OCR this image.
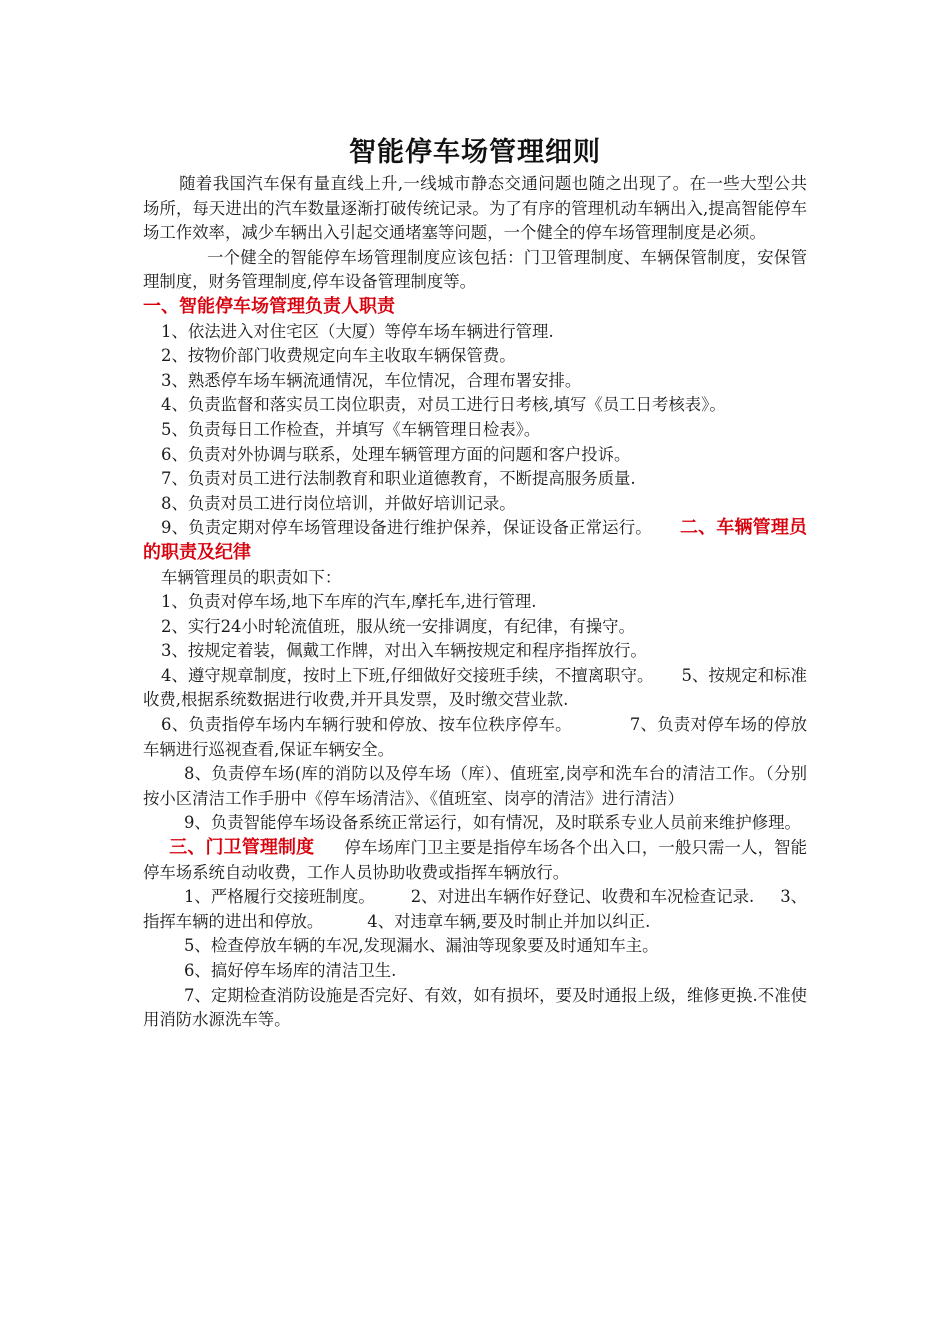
智能停车场管理细则

随着我国汽车保有量直线上升,一线城市静态交通问题也随之出现了。在一些大型公共场所，每天进出的汽车数量逐渐打破传统记录。为了有序的管理机动车辆出入,提高智能停车场工作效率，减少车辆出入引起交通堵塞等问题，一个健全的停车场管理制度是必须。

一个健全的智能停车场管理制度应该包括：门卫管理制度、车辆保管制度，安保管理制度，财务管理制度,停车设备管理制度等。

一、智能停车场管理负责人职责

1、依法进入对住宅区（大厦）等停车场车辆进行管理.

2、按物价部门收费规定向车主收取车辆保管费。

3、熟悉停车场车辆流通情况，车位情况，合理布署安排。

4、负责监督和落实员工岗位职责，对员工进行日考核,填写《员工日考核表》。

5、负责每日工作检查，并填写《车辆管理日检表》。

6、负责对外协调与联系，处理车辆管理方面的问题和客户投诉。

7、负责对员工进行法制教育和职业道德教育，不断提高服务质量.

8、负责对员工进行岗位培训，并做好培训记录。

9、负责定期对停车场管理设备进行维护保养，保证设备正常运行。 二、车辆管理员的职责及纪律

车辆管理员的职责如下：

1、负责对停车场,地下车库的汽车,摩托车,进行管理.

2、实行24小时轮流值班，服从统一安排调度，有纪律，有操守。

3、按规定着装，佩戴工作牌，对出入车辆按规定和程序指挥放行。

4、遵守规章制度，按时上下班,仔细做好交接班手续，不擅离职守。 5、按规定和标准收费,根据系统数据进行收费,并开具发票，及时缴交营业款.

6、负责指停车场内车辆行驶和停放、按车位秩序停车。	7、负责对停车场的停放车辆进行巡视查看,保证车辆安全。

8、负责停车场(库的消防以及停车场（库）、值班室,岗亭和洗车台的清洁工作。（分别按小区清洁工作手册中《停车场清洁》、《值班室、岗亭的清洁》进行清洁）

9、负责智能停车场设备系统正常运行，如有情况，及时联系专业人员前来维护修理。

三、门卫管理制度 停车场库门卫主要是指停车场各个出入口，一般只需一人，智能停车场系统自动收费，工作人员协助收费或指挥车辆放行。

1、严格履行交接班制度。 2、对进出车辆作好登记、收费和车况检查记录. 3、指挥车辆的进出和停放。	4、对违章车辆,要及时制止并加以纠正.

5、检查停放车辆的车况,发现漏水、漏油等现象要及时通知车主。

6、搞好停车场库的清洁卫生.

7、定期检查消防设施是否完好、有效，如有损坏，要及时通报上级，维修更换.不准使用消防水源洗车等。
